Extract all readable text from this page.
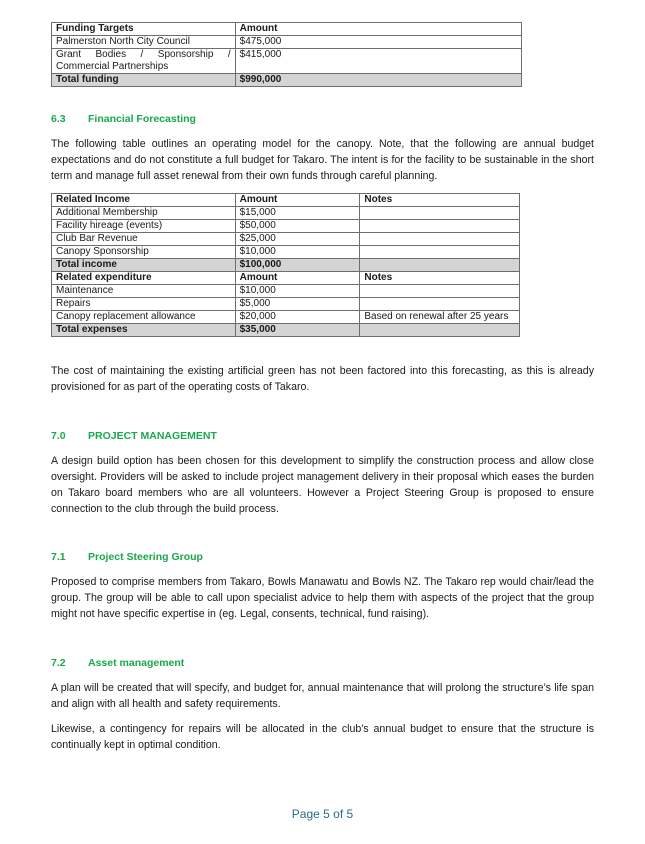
Funding Targets	Amount
Palmerston North City Council	$475,000

Grant Bodies / Sponsorship /
Commercial Partnerships	$415,000
Total funding	$990,000
6.3 Financial Forecasting
The following table outlines an operating model for the canopy. Note, that the following are annual budget expectations and do not constitute a full budget for Takaro. The intent is for the facility to be sustainable in the short term and manage full asset renewal from their own funds through careful planning.
Related Income	Amount	Notes
Additional Membership	$15,000	
Facility hireage (events)	$50,000	
Club Bar Revenue	$25,000	
Canopy Sponsorship	$10,000	
Total income	$100,000	
Related expenditure	Amount	Notes
Maintenance	$10,000	
Repairs	$5,000	
Canopy replacement allowance	$20,000	Based on renewal after 25 years
Total expenses	$35,000	
The cost of maintaining the existing artificial green has not been factored into this forecasting, as this is already provisioned for as part of the operating costs of Takaro.
7.0 PROJECT MANAGEMENT
A design build option has been chosen for this development to simplify the construction process and allow close oversight. Providers will be asked to include project management delivery in their proposal which eases the burden on Takaro board members who are all volunteers. However a Project Steering Group is proposed to ensure connection to the club through the build process.
7.1 Project Steering Group
Proposed to comprise members from Takaro, Bowls Manawatu and Bowls NZ. The Takaro rep would chair/lead the group. The group will be able to call upon specialist advice to help them with aspects of the project that the group might not have specific expertise in (eg. Legal, consents, technical, fund raising).
7.2 Asset management
A plan will be created that will specify, and budget for, annual maintenance that will prolong the structure’s life span and align with all health and safety requirements.
Likewise, a contingency for repairs will be allocated in the club’s annual budget to ensure that the structure is continually kept in optimal condition.
Page 5 of 5
